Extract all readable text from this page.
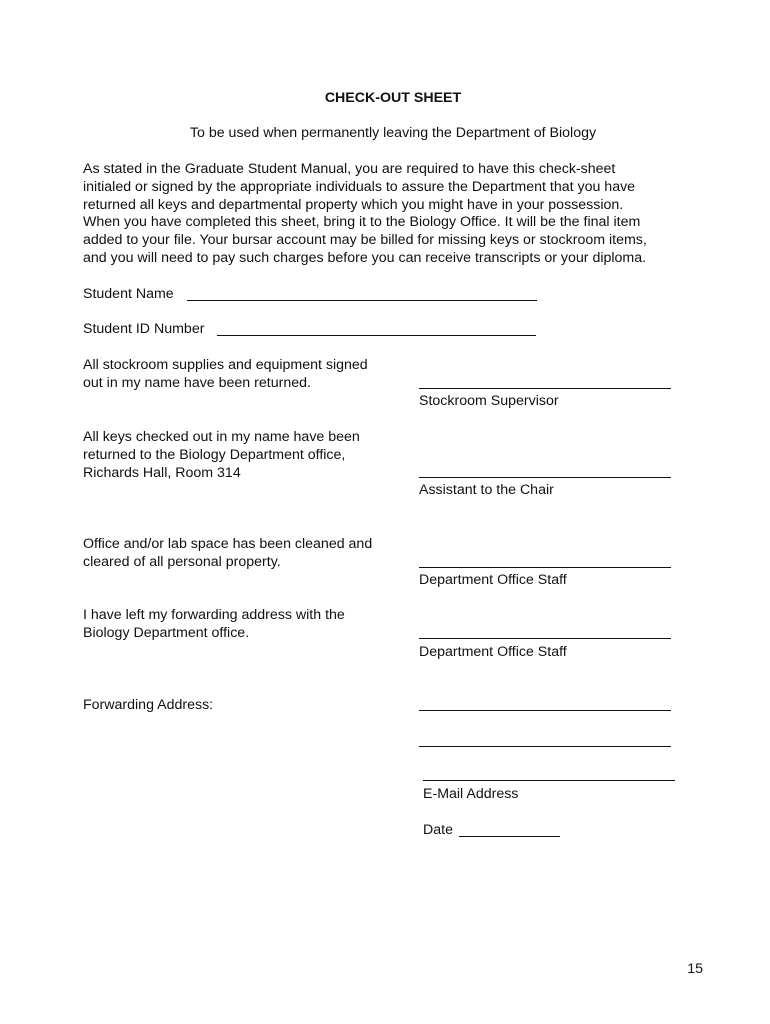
CHECK-OUT SHEET
To be used when permanently leaving the Department of Biology
As stated in the Graduate Student Manual, you are required to have this check-sheet
initialed or signed by the appropriate individuals to assure the Department that you have
returned all keys and departmental property which you might have in your possession.
When you have completed this sheet, bring it to the Biology Office. It will be the final item
added to your file. Your bursar account may be billed for missing keys or stockroom items,
and you will need to pay such charges before you can receive transcripts or your diploma.
Student Name
Student ID Number
All stockroom supplies and equipment signed
out in my name have been returned.
Stockroom Supervisor
All keys checked out in my name have been
returned to the Biology Department office,
Richards Hall, Room 314
Assistant to the Chair
Office and/or lab space has been cleaned and
cleared of all personal property.
Department Office Staff
I have left my forwarding address with the
Biology Department office.
Department Office Staff
Forwarding Address:
E-Mail Address
Date
15
